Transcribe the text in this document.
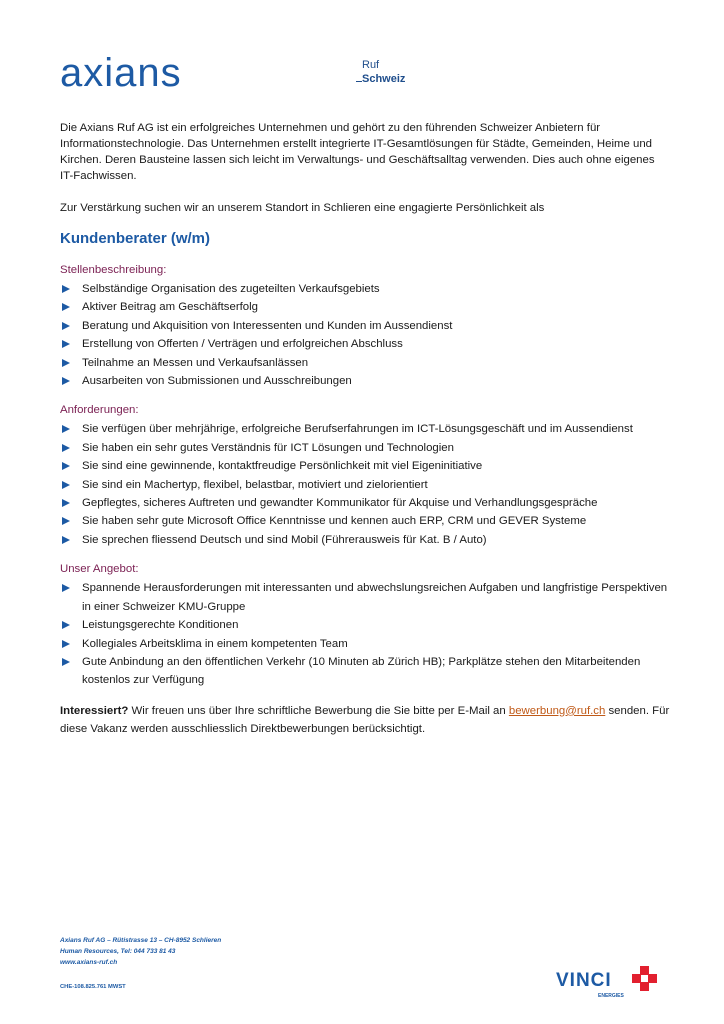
axians	Ruf
Schweiz

Die Axians Ruf AG ist ein erfolgreiches Unternehmen und gehört zu den führenden Schweizer Anbietern für Informationstechnologie. Das Unternehmen erstellt integrierte IT-Gesamtlösungen für Städte, Gemeinden, Heime und Kirchen. Deren Bausteine lassen sich leicht im Verwaltungs- und Geschäftsalltag verwenden. Dies auch ohne eigenes IT-Fachwissen.

Zur Verstärkung suchen wir an unserem Standort in Schlieren eine engagierte Persönlichkeit als

Kundenberater (w/m)
Stellenbeschreibung:
Selbständige Organisation des zugeteilten Verkaufsgebiets
Aktiver Beitrag am Geschäftserfolg
Beratung und Akquisition von Interessenten und Kunden im Aussendienst
Erstellung von Offerten / Verträgen und erfolgreichen Abschluss
Teilnahme an Messen und Verkaufsanlässen
Ausarbeiten von Submissionen und Ausschreibungen
Anforderungen:
Sie verfügen über mehrjährige, erfolgreiche Berufserfahrungen im ICT-Lösungsgeschäft und im Aussendienst
Sie haben ein sehr gutes Verständnis für ICT Lösungen und Technologien
Sie sind eine gewinnende, kontaktfreudige Persönlichkeit mit viel Eigeninitiative
Sie sind ein Machertyp, flexibel, belastbar, motiviert und zielorientiert
Gepflegtes, sicheres Auftreten und gewandter Kommunikator für Akquise und Verhandlungsgespräche
Sie haben sehr gute Microsoft Office Kenntnisse und kennen auch ERP, CRM und GEVER Systeme
Sie sprechen fliessend Deutsch und sind Mobil (Führerausweis für Kat. B / Auto)
Unser Angebot:
Spannende Herausforderungen mit interessanten und abwechslungsreichen Aufgaben und langfristige Perspektiven in einer Schweizer KMU-Gruppe
Leistungsgerechte Konditionen
Kollegiales Arbeitsklima in einem kompetenten Team
Gute Anbindung an den öffentlichen Verkehr (10 Minuten ab Zürich HB); Parkplätze stehen den Mitarbeitenden kostenlos zur Verfügung

Interessiert? Wir freuen uns über Ihre schriftliche Bewerbung die Sie bitte per E-Mail an bewerbung@ruf.ch senden. Für diese Vakanz werden ausschliesslich Direktbewerbungen berücksichtigt.

Axians Ruf AG – Rütistrasse 13 – CH-8952 Schlieren
Human Resources, Tel: 044 733 81 43
www.axians-ruf.ch
CHE-108.825.761 MWST	VINCI
ENERGIES
